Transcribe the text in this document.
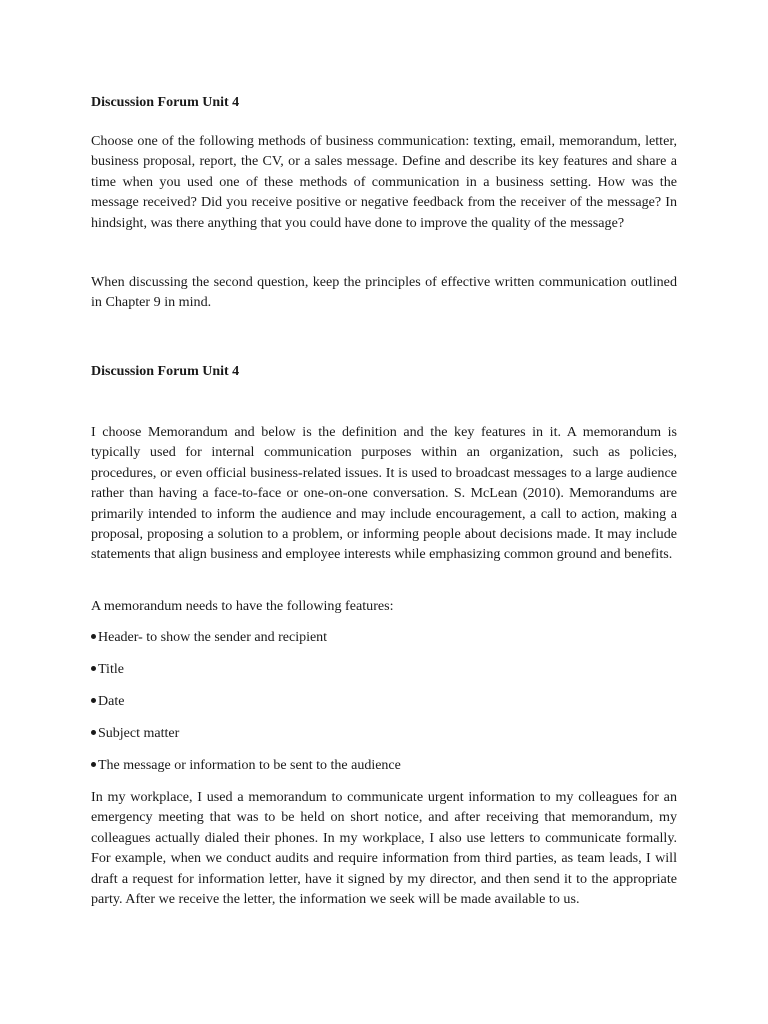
Discussion Forum Unit 4
Choose one of the following methods of business communication: texting, email, memorandum, letter, business proposal, report, the CV, or a sales message. Define and describe its key features and share a time when you used one of these methods of communication in a business setting. How was the message received? Did you receive positive or negative feedback from the receiver of the message? In hindsight, was there anything that you could have done to improve the quality of the message?
When discussing the second question, keep the principles of effective written communication outlined in Chapter 9 in mind.
Discussion Forum Unit 4
I choose Memorandum and below is the definition and the key features in it. A memorandum is typically used for internal communication purposes within an organization, such as policies, procedures, or even official business-related issues. It is used to broadcast messages to a large audience rather than having a face-to-face or one-on-one conversation. S. McLean (2010). Memorandums are primarily intended to inform the audience and may include encouragement, a call to action, making a proposal, proposing a solution to a problem, or informing people about decisions made. It may include statements that align business and employee interests while emphasizing common ground and benefits.
A memorandum needs to have the following features:
Header- to show the sender and recipient
Title
Date
Subject matter
The message or information to be sent to the audience
In my workplace, I used a memorandum to communicate urgent information to my colleagues for an emergency meeting that was to be held on short notice, and after receiving that memorandum, my colleagues actually dialed their phones. In my workplace, I also use letters to communicate formally. For example, when we conduct audits and require information from third parties, as team leads, I will draft a request for information letter, have it signed by my director, and then send it to the appropriate party. After we receive the letter, the information we seek will be made available to us.
